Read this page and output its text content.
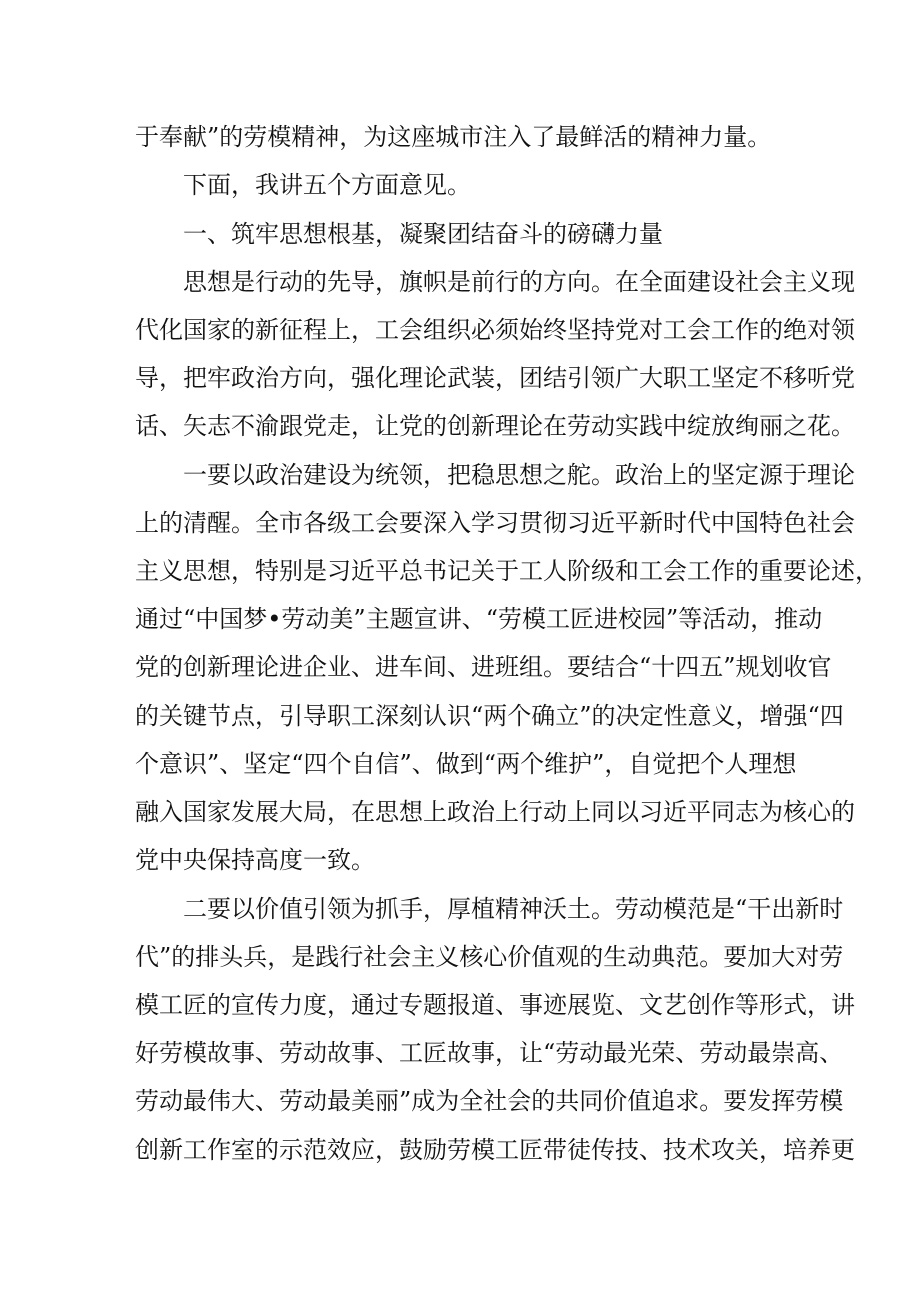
于奉献”的劳模精神，为这座城市注入了最鲜活的精神力量。
下面，我讲五个方面意见。
一、筑牢思想根基，凝聚团结奋斗的磅礴力量
思想是行动的先导，旗帜是前行的方向。在全面建设社会主义现
代化国家的新征程上，工会组织必须始终坚持党对工会工作的绝对领
导，把牢政治方向，强化理论武装，团结引领广大职工坚定不移听党
话、矢志不渝跟党走，让党的创新理论在劳动实践中绽放绚丽之花。
一要以政治建设为统领，把稳思想之舵。政治上的坚定源于理论
上的清醒。全市各级工会要深入学习贯彻习近平新时代中国特色社会
主义思想，特别是习近平总书记关于工人阶级和工会工作的重要论述，
通过“中国梦•劳动美”主题宣讲、“劳模工匠进校园”等活动，推动
党的创新理论进企业、进车间、进班组。要结合“十四五”规划收官
的关键节点，引导职工深刻认识“两个确立”的决定性意义，增强“四
个意识”、坚定“四个自信”、做到“两个维护”，自觉把个人理想
融入国家发展大局，在思想上政治上行动上同以习近平同志为核心的
党中央保持高度一致。
二要以价值引领为抓手，厚植精神沃土。劳动模范是“干出新时
代”的排头兵，是践行社会主义核心价值观的生动典范。要加大对劳
模工匠的宣传力度，通过专题报道、事迹展览、文艺创作等形式，讲
好劳模故事、劳动故事、工匠故事，让“劳动最光荣、劳动最崇高、
劳动最伟大、劳动最美丽”成为全社会的共同价值追求。要发挥劳模
创新工作室的示范效应，鼓励劳模工匠带徒传技、技术攻关，培养更
